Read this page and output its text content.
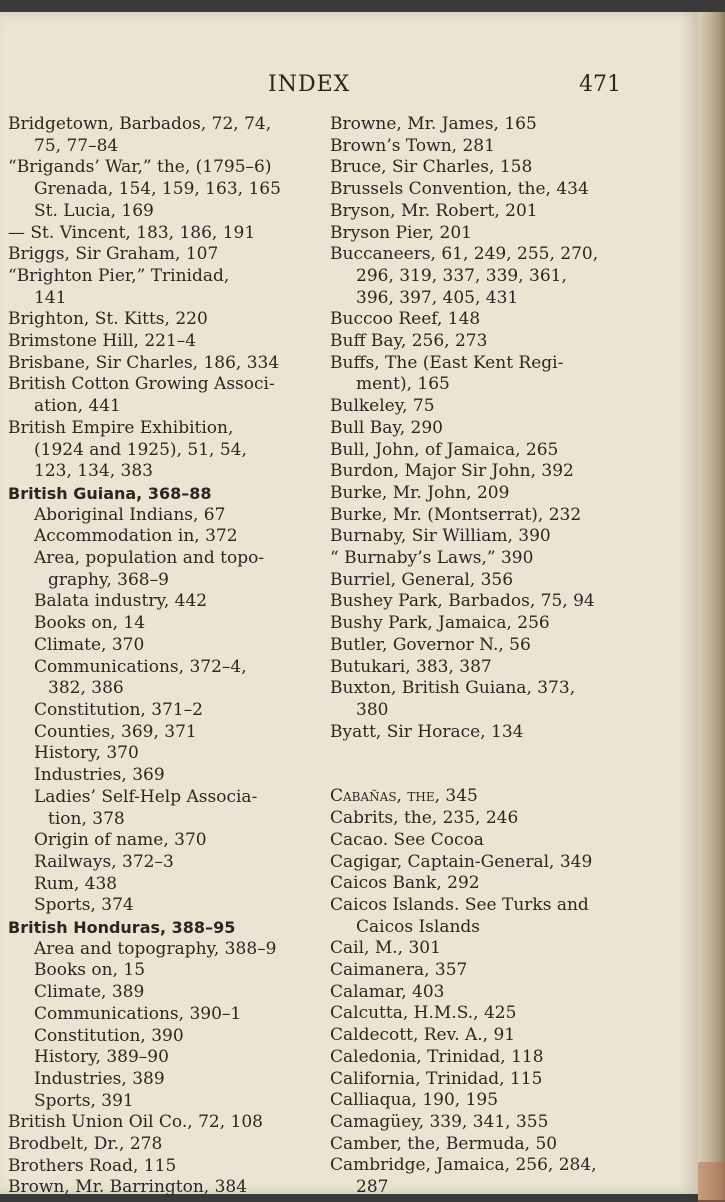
INDEX	471
Bridgetown, Barbados, 72, 74,
75, 77–84
“Brigands’ War,” the, (1795–6)
Grenada, 154, 159, 163, 165
St. Lucia, 169
— St. Vincent, 183, 186, 191
Briggs, Sir Graham, 107
“Brighton Pier,” Trinidad,
141
Brighton, St. Kitts, 220
Brimstone Hill, 221–4
Brisbane, Sir Charles, 186, 334
British Cotton Growing Associ-
ation, 441
British Empire Exhibition,
(1924 and 1925), 51, 54,
123, 134, 383
British Guiana, 368–88
Aboriginal Indians, 67
Accommodation in, 372
Area, population and topo-
graphy, 368–9
Balata industry, 442
Books on, 14
Climate, 370
Communications, 372–4,
382, 386
Constitution, 371–2
Counties, 369, 371
History, 370
Industries, 369
Ladies’ Self-Help Associa-
tion, 378
Origin of name, 370
Railways, 372–3
Rum, 438
Sports, 374
British Honduras, 388–95
Area and topography, 388–9
Books on, 15
Climate, 389
Communications, 390–1
Constitution, 390
History, 389–90
Industries, 389
Sports, 391
British Union Oil Co., 72, 108
Brodbelt, Dr., 278
Brothers Road, 115
Brown, Mr. Barrington, 384
Browne, Mr. James, 165
Brown’s Town, 281
Bruce, Sir Charles, 158
Brussels Convention, the, 434
Bryson, Mr. Robert, 201
Bryson Pier, 201
Buccaneers, 61, 249, 255, 270,
296, 319, 337, 339, 361,
396, 397, 405, 431
Buccoo Reef, 148
Buff Bay, 256, 273
Buffs, The (East Kent Regi-
ment), 165
Bulkeley, 75
Bull Bay, 290
Bull, John, of Jamaica, 265
Burdon, Major Sir John, 392
Burke, Mr. John, 209
Burke, Mr. (Montserrat), 232
Burnaby, Sir William, 390
“ Burnaby’s Laws,” 390
Burriel, General, 356
Bushey Park, Barbados, 75, 94
Bushy Park, Jamaica, 256
Butler, Governor N., 56
Butukari, 383, 387
Buxton, British Guiana, 373,
380
Byatt, Sir Horace, 134
Cabañas, the, 345
Cabrits, the, 235, 246
Cacao. See Cocoa
Cagigar, Captain-General, 349
Caicos Bank, 292
Caicos Islands. See Turks and
Caicos Islands
Cail, M., 301
Caimanera, 357
Calamar, 403
Calcutta, H.M.S., 425
Caldecott, Rev. A., 91
Caledonia, Trinidad, 118
California, Trinidad, 115
Calliaqua, 190, 195
Camagüey, 339, 341, 355
Camber, the, Bermuda, 50
Cambridge, Jamaica, 256, 284,
287
